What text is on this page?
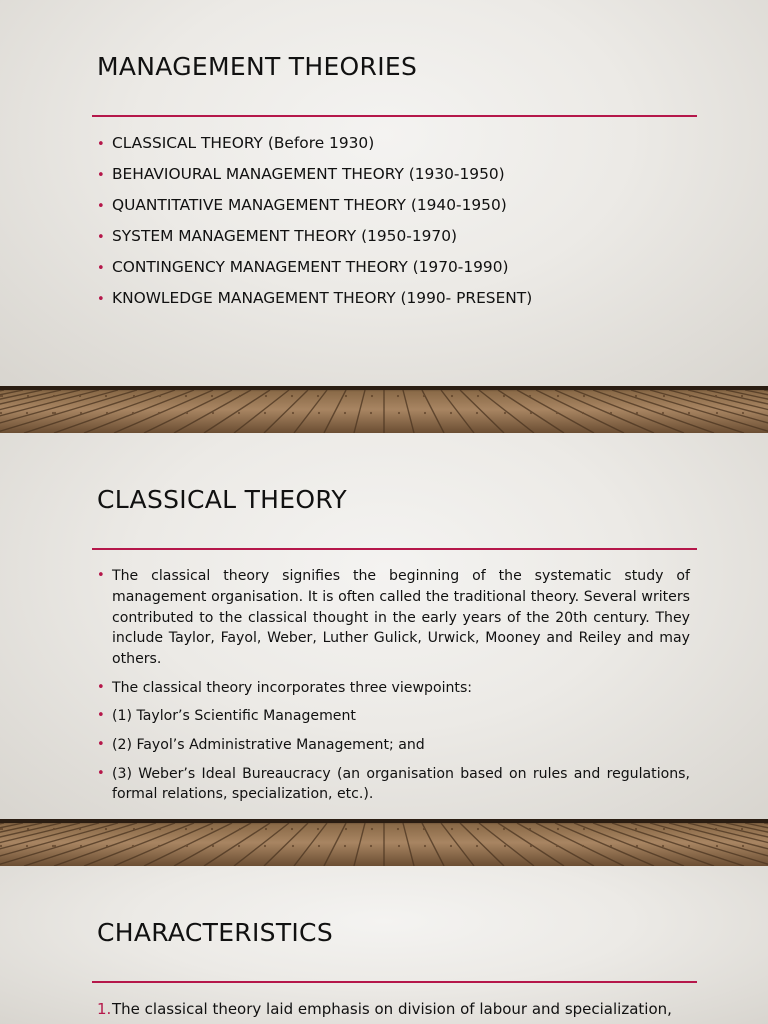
MANAGEMENT THEORIES
• CLASSICAL THEORY (Before 1930)
• BEHAVIOURAL MANAGEMENT THEORY (1930-1950)
• QUANTITATIVE MANAGEMENT THEORY (1940-1950)
• SYSTEM MANAGEMENT THEORY (1950-1970)
• CONTINGENCY MANAGEMENT THEORY (1970-1990)
• KNOWLEDGE MANAGEMENT THEORY (1990- PRESENT)
CLASSICAL THEORY
• The classical theory signifies the beginning of the systematic study of management organisation. It is often called the traditional theory. Several writers contributed to the classical thought in the early years of the 20th century. They include Taylor, Fayol, Weber, Luther Gulick, Urwick, Mooney and Reiley and may others.
• The classical theory incorporates three viewpoints:
• (1) Taylor’s Scientific Management
• (2) Fayol’s Administrative Management; and
• (3) Weber’s Ideal Bureaucracy (an organisation based on rules and regulations, formal relations, specialization, etc.).
CHARACTERISTICS
1. The classical theory laid emphasis on division of labour and specialization,
